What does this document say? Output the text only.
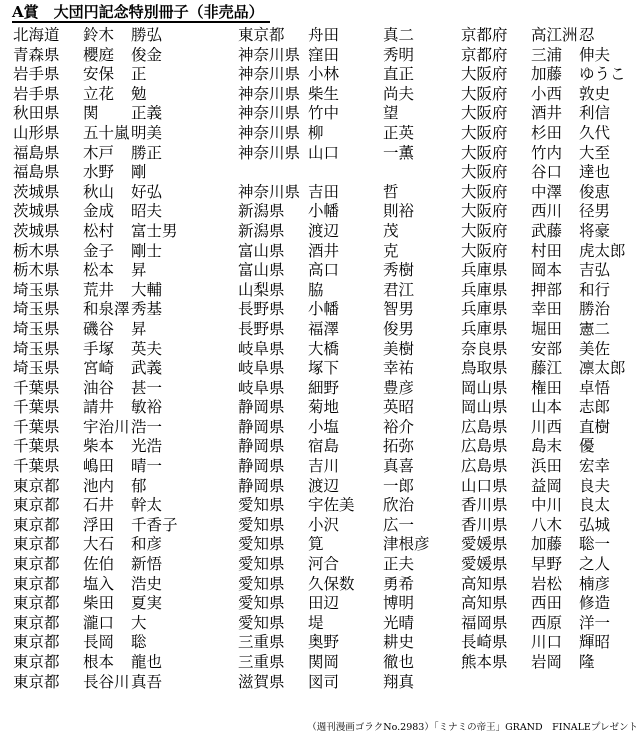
A賞　大団円記念特別冊子（非売品）
北海道 鈴木 勝弘
青森県 櫻庭 俊金
岩手県 安保 正
岩手県 立花 勉
秋田県 関 正義
山形県 五十嵐 明美
福島県 木戸 勝正
福島県 水野 剛
茨城県 秋山 好弘
茨城県 金成 昭夫
茨城県 松村 富士男
栃木県 金子 剛士
栃木県 松本 昇
埼玉県 荒井 大輔
埼玉県 和泉澤 秀基
埼玉県 磯谷 昇
埼玉県 手塚 英夫
埼玉県 宮崎 武義
千葉県 油谷 甚一
千葉県 請井 敏裕
千葉県 宇治川 浩一
千葉県 柴本 光浩
千葉県 嶋田 晴一
東京都 池内 郁
東京都 石井 幹太
東京都 浮田 千香子
東京都 大石 和彦
東京都 佐伯 新悟
東京都 塩入 浩史
東京都 柴田 夏実
東京都 瀧口 大
東京都 長岡 聡
東京都 根本 龍也
東京都 長谷川 真吾
東京都 舟田	真二
神奈川県 窪田	秀明
神奈川県 小林	直正
神奈川県 柴生	尚夫
神奈川県 竹中	望
神奈川県 柳	正英
神奈川県 山口	一薫
神奈川県 吉田	哲
新潟県 小幡	則裕
新潟県 渡辺	茂
富山県 酒井	克
富山県 高口	秀樹
山梨県 脇	君江
長野県 小幡	智男
長野県 福澤	俊男
岐阜県 大橋	美樹
岐阜県 塚下	幸祐
岐阜県 細野	豊彦
静岡県 菊地	英昭
静岡県 小塩	裕介
静岡県 宿島	拓弥
静岡県 吉川	真喜
静岡県 渡辺	一郎
愛知県 宇佐美 欣治
愛知県 小沢	広一
愛知県 筧	津根彦
愛知県 河合	正夫
愛知県 久保数 勇希
愛知県 田辺	博明
愛知県 堤	光晴
三重県 奥野	耕史
三重県 関岡	徹也
滋賀県 図司	翔真
京都府 高江洲 忍
京都府 三浦 伸夫
大阪府 加藤 ゆうこ
大阪府 小西 敦史
大阪府 酒井 利信
大阪府 杉田 久代
大阪府 竹内 大至
大阪府 谷口 達也
大阪府 中澤 俊恵
大阪府 西川 径男
大阪府 武藤 将豪
大阪府 村田 虎太郎
兵庫県 岡本 吉弘
兵庫県 押部 和行
兵庫県 幸田 勝治
兵庫県 堀田 憲二
奈良県 安部 美佐
鳥取県 藤江 凛太郎
岡山県 権田 卓悟
岡山県 山本 志郎
広島県 川西 直樹
広島県 島末 優
広島県 浜田 宏幸
山口県 益岡 良夫
香川県 中川 良太
香川県 八木 弘城
愛媛県 加藤 聡一
愛媛県 早野 之人
高知県 岩松 楠彦
高知県 西田 修造
福岡県 西原 洋一
長崎県 川口 輝昭
熊本県 岩岡 隆
（週刊漫画ゴラクNo.2983）「ミナミの帝王」GRAND　FINALEプレゼント
